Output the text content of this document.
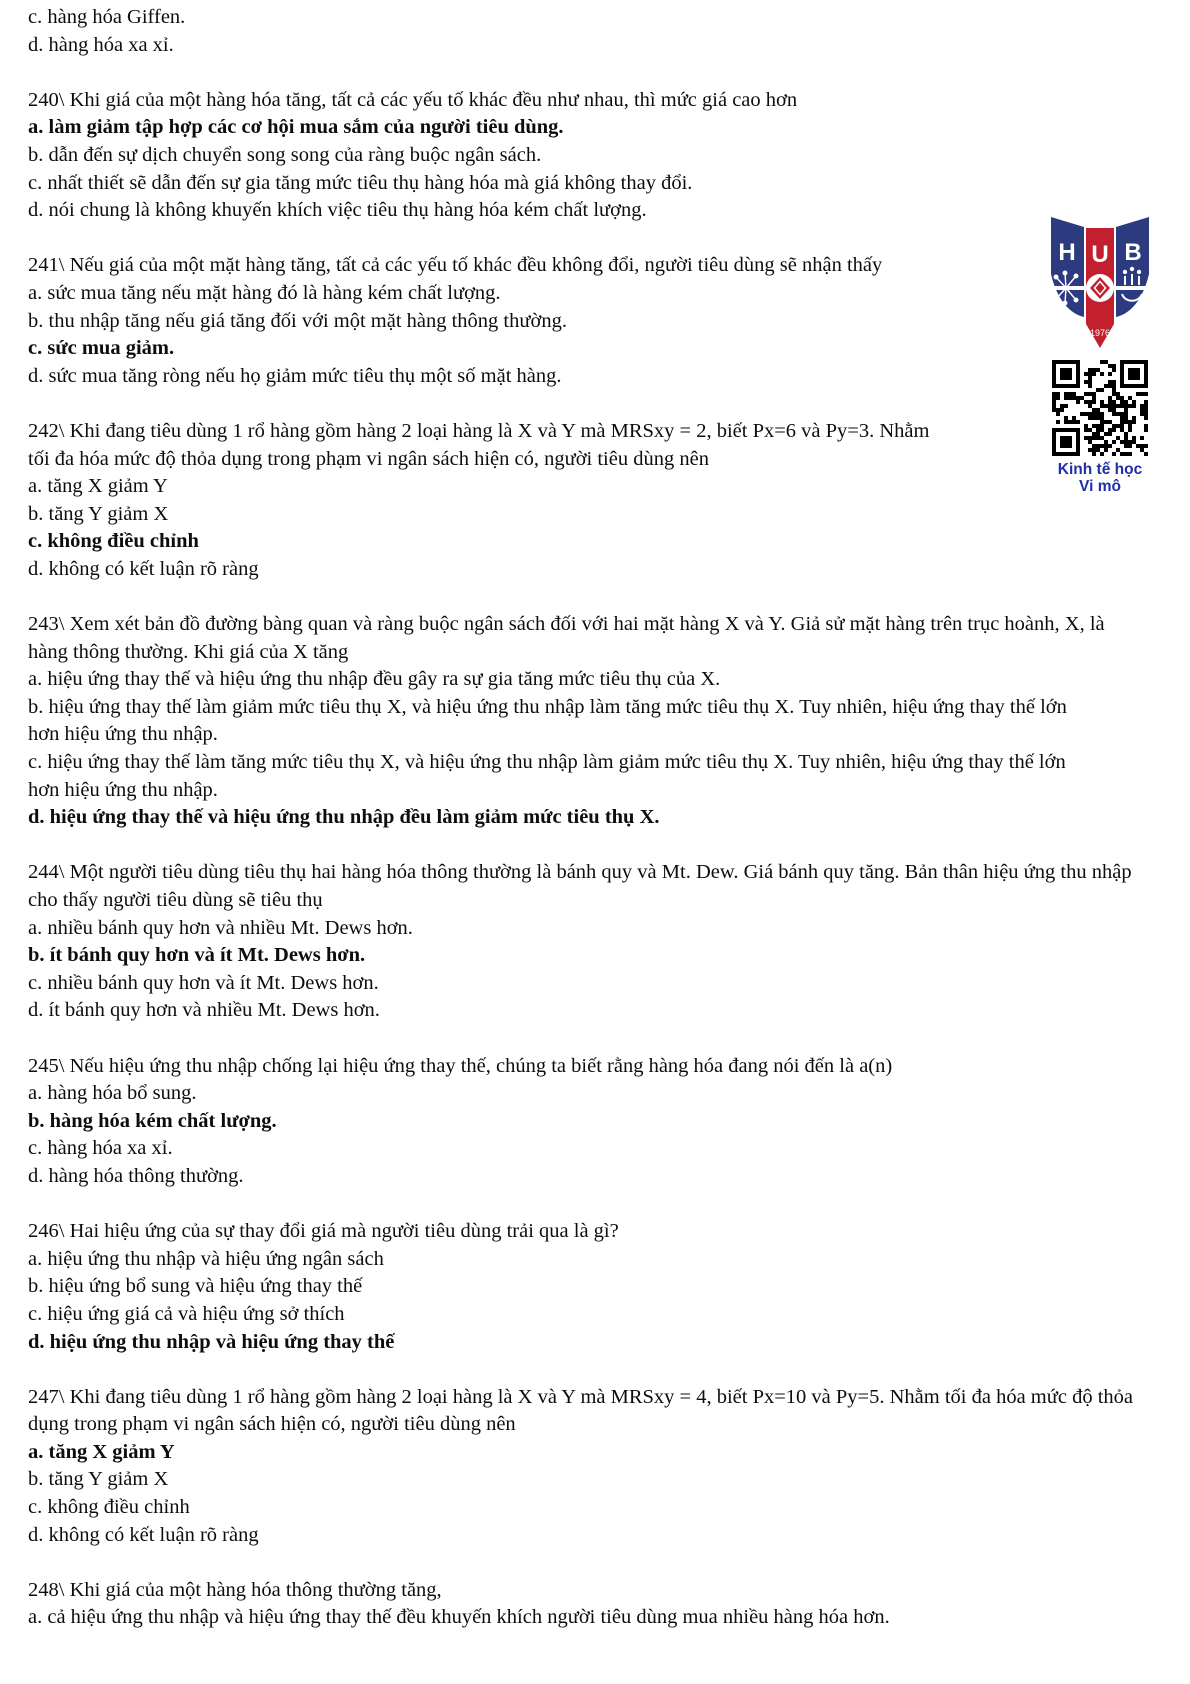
c. hàng hóa Giffen.

d. hàng hóa xa xỉ.

240\ Khi giá của một hàng hóa tăng, tất cả các yếu tố khác đều như nhau, thì mức giá cao hơn

a. làm giảm tập hợp các cơ hội mua sắm của người tiêu dùng.

b. dẫn đến sự dịch chuyển song song của ràng buộc ngân sách.

c. nhất thiết sẽ dẫn đến sự gia tăng mức tiêu thụ hàng hóa mà giá không thay đổi.

d. nói chung là không khuyến khích việc tiêu thụ hàng hóa kém chất lượng.

241\ Nếu giá của một mặt hàng tăng, tất cả các yếu tố khác đều không đổi, người tiêu dùng sẽ nhận thấy

a. sức mua tăng nếu mặt hàng đó là hàng kém chất lượng.

b. thu nhập tăng nếu giá tăng đối với một mặt hàng thông thường.

c. sức mua giảm.

d. sức mua tăng ròng nếu họ giảm mức tiêu thụ một số mặt hàng.

242\ Khi đang tiêu dùng 1 rổ hàng gồm hàng 2 loại hàng là X và Y mà MRSxy = 2, biết Px=6 và Py=3. Nhằm tối đa hóa mức độ thỏa dụng trong phạm vi ngân sách hiện có, người tiêu dùng nên

a. tăng X giảm Y

b. tăng Y giảm X

c. không điều chỉnh

d. không có kết luận rõ ràng

243\ Xem xét bản đồ đường bàng quan và ràng buộc ngân sách đối với hai mặt hàng X và Y. Giả sử mặt hàng trên trục hoành, X, là hàng thông thường. Khi giá của X tăng

a. hiệu ứng thay thế và hiệu ứng thu nhập đều gây ra sự gia tăng mức tiêu thụ của X.

b. hiệu ứng thay thế làm giảm mức tiêu thụ X, và hiệu ứng thu nhập làm tăng mức tiêu thụ X. Tuy nhiên, hiệu ứng thay thế lớn hơn hiệu ứng thu nhập.

c. hiệu ứng thay thế làm tăng mức tiêu thụ X, và hiệu ứng thu nhập làm giảm mức tiêu thụ X. Tuy nhiên, hiệu ứng thay thế lớn hơn hiệu ứng thu nhập.

d. hiệu ứng thay thế và hiệu ứng thu nhập đều làm giảm mức tiêu thụ X.

244\ Một người tiêu dùng tiêu thụ hai hàng hóa thông thường là bánh quy và Mt. Dew. Giá bánh quy tăng. Bản thân hiệu ứng thu nhập cho thấy người tiêu dùng sẽ tiêu thụ

a. nhiều bánh quy hơn và nhiều Mt. Dews hơn.

b. ít bánh quy hơn và ít Mt. Dews hơn.

c. nhiều bánh quy hơn và ít Mt. Dews hơn.

d. ít bánh quy hơn và nhiều Mt. Dews hơn.

245\ Nếu hiệu ứng thu nhập chống lại hiệu ứng thay thế, chúng ta biết rằng hàng hóa đang nói đến là a(n)

a. hàng hóa bổ sung.

b. hàng hóa kém chất lượng.

c. hàng hóa xa xỉ.

d. hàng hóa thông thường.

246\ Hai hiệu ứng của sự thay đổi giá mà người tiêu dùng trải qua là gì?

a. hiệu ứng thu nhập và hiệu ứng ngân sách

b. hiệu ứng bổ sung và hiệu ứng thay thế

c. hiệu ứng giá cả và hiệu ứng sở thích

d. hiệu ứng thu nhập và hiệu ứng thay thế

247\ Khi đang tiêu dùng 1 rổ hàng gồm hàng 2 loại hàng là X và Y mà MRSxy = 4, biết Px=10 và Py=5. Nhằm tối đa hóa mức độ thỏa dụng trong phạm vi ngân sách hiện có, người tiêu dùng nên

a. tăng X giảm Y

b. tăng Y giảm X

c. không điều chỉnh

d. không có kết luận rõ ràng

248\ Khi giá của một hàng hóa thông thường tăng,

a. cả hiệu ứng thu nhập và hiệu ứng thay thế đều khuyến khích người tiêu dùng mua nhiều hàng hóa hơn.

H U B
1976
Kinh tế học
Vi mô
